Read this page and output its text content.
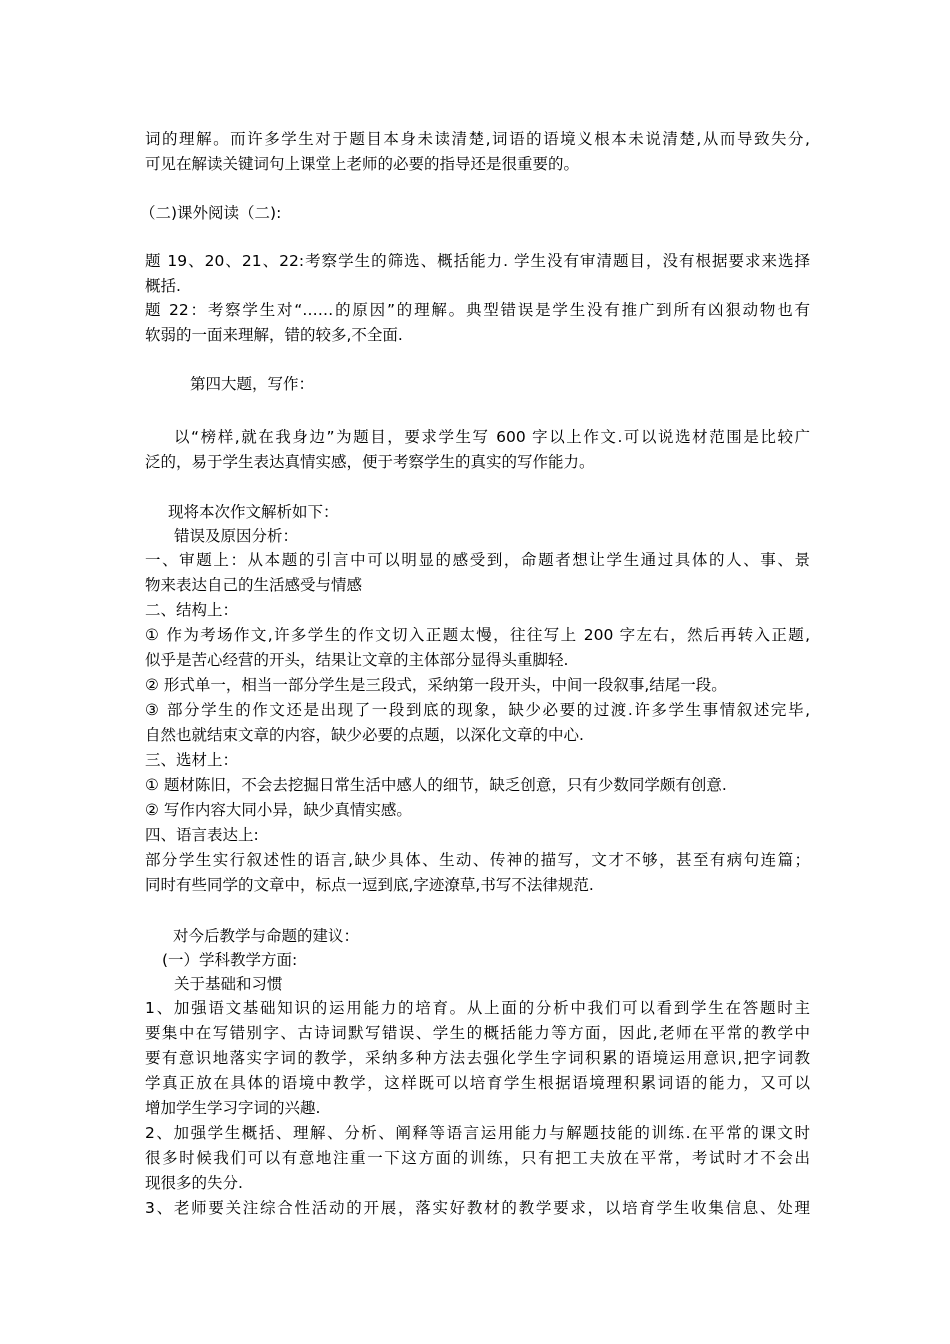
词的理解。而许多学生对于题目本身未读清楚,词语的语境义根本未说清楚,从而导致失分,
可见在解读关键词句上课堂上老师的必要的指导还是很重要的。
（二)课外阅读（二):
题 19、20、21、22:考察学生的筛选、概括能力. 学生没有审清题目，没有根据要求来选择
概括.
题 22：考察学生对“……的原因”的理解。典型错误是学生没有推广到所有凶狠动物也有
软弱的一面来理解，错的较多,不全面.
第四大题，写作：
以“榜样,就在我身边”为题目，要求学生写 600 字以上作文.可以说选材范围是比较广
泛的，易于学生表达真情实感，便于考察学生的真实的写作能力。
现将本次作文解析如下：
错误及原因分析：
一、审题上：从本题的引言中可以明显的感受到，命题者想让学生通过具体的人、事、景
物来表达自己的生活感受与情感
二、结构上：
① 作为考场作文,许多学生的作文切入正题太慢，往往写上 200 字左右，然后再转入正题,
似乎是苦心经营的开头，结果让文章的主体部分显得头重脚轻.
② 形式单一，相当一部分学生是三段式，采纳第一段开头，中间一段叙事,结尾一段。
③ 部分学生的作文还是出现了一段到底的现象，缺少必要的过渡.许多学生事情叙述完毕,
自然也就结束文章的内容，缺少必要的点题，以深化文章的中心.
三、选材上：
① 题材陈旧，不会去挖掘日常生活中感人的细节，缺乏创意，只有少数同学颇有创意.
② 写作内容大同小异，缺少真情实感。
四、语言表达上:
部分学生实行叙述性的语言,缺少具体、生动、传神的描写，文才不够，甚至有病句连篇；
同时有些同学的文章中，标点一逗到底,字迹潦草,书写不法律规范.
对今后教学与命题的建议：
(一）学科教学方面:
关于基础和习惯
1、加强语文基础知识的运用能力的培育。从上面的分析中我们可以看到学生在答题时主
要集中在写错别字、古诗词默写错误、学生的概括能力等方面，因此,老师在平常的教学中
要有意识地落实字词的教学，采纳多种方法去强化学生字词积累的语境运用意识,把字词教
学真正放在具体的语境中教学，这样既可以培育学生根据语境理积累词语的能力，又可以
增加学生学习字词的兴趣.
2、加强学生概括、理解、分析、阐释等语言运用能力与解题技能的训练.在平常的课文时
很多时候我们可以有意地注重一下这方面的训练，只有把工夫放在平常，考试时才不会出
现很多的失分.
3、老师要关注综合性活动的开展，落实好教材的教学要求，以培育学生收集信息、处理
